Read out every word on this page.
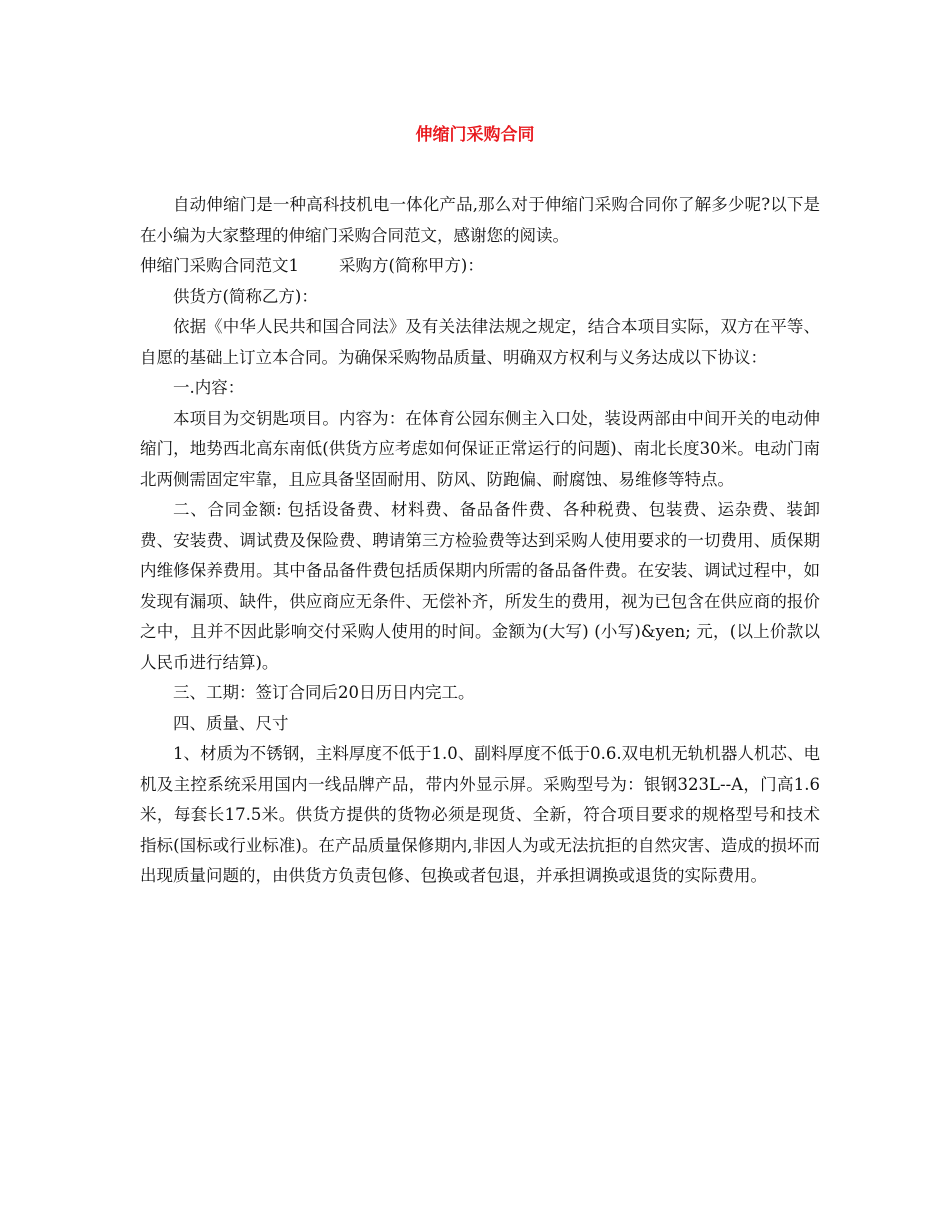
伸缩门采购合同

自动伸缩门是一种高科技机电一体化产品,那么对于伸缩门采购合同你了解多少呢?以下是在小编为大家整理的伸缩门采购合同范文，感谢您的阅读。

伸缩门采购合同范文1 采购方(简称甲方)：

供货方(简称乙方)：

依据《中华人民共和国合同法》及有关法律法规之规定，结合本项目实际，双方在平等、自愿的基础上订立本合同。为确保采购物品质量、明确双方权利与义务达成以下协议：

一.内容：

本项目为交钥匙项目。内容为：在体育公园东侧主入口处，装设两部由中间开关的电动伸缩门，地势西北高东南低(供货方应考虑如何保证正常运行的问题)、南北长度30米。电动门南北两侧需固定牢靠，且应具备坚固耐用、防风、防跑偏、耐腐蚀、易维修等特点。

二、合同金额: 包括设备费、材料费、备品备件费、各种税费、包装费、运杂费、装卸费、安装费、调试费及保险费、聘请第三方检验费等达到采购人使用要求的一切费用、质保期内维修保养费用。其中备品备件费包括质保期内所需的备品备件费。在安装、调试过程中，如发现有漏项、缺件，供应商应无条件、无偿补齐，所发生的费用，视为已包含在供应商的报价之中，且并不因此影响交付采购人使用的时间。金额为(大写) (小写)&yen; 元，(以上价款以人民币进行结算)。

三、工期：签订合同后20日历日内完工。

四、质量、尺寸

1、材质为不锈钢，主料厚度不低于1.0、副料厚度不低于0.6.双电机无轨机器人机芯、电机及主控系统采用国内一线品牌产品，带内外显示屏。采购型号为：银钢323L--A，门高1.6米，每套长17.5米。供货方提供的货物必须是现货、全新，符合项目要求的规格型号和技术指标(国标或行业标准)。在产品质量保修期内,非因人为或无法抗拒的自然灾害、造成的损坏而出现质量问题的，由供货方负责包修、包换或者包退，并承担调换或退货的实际费用。
